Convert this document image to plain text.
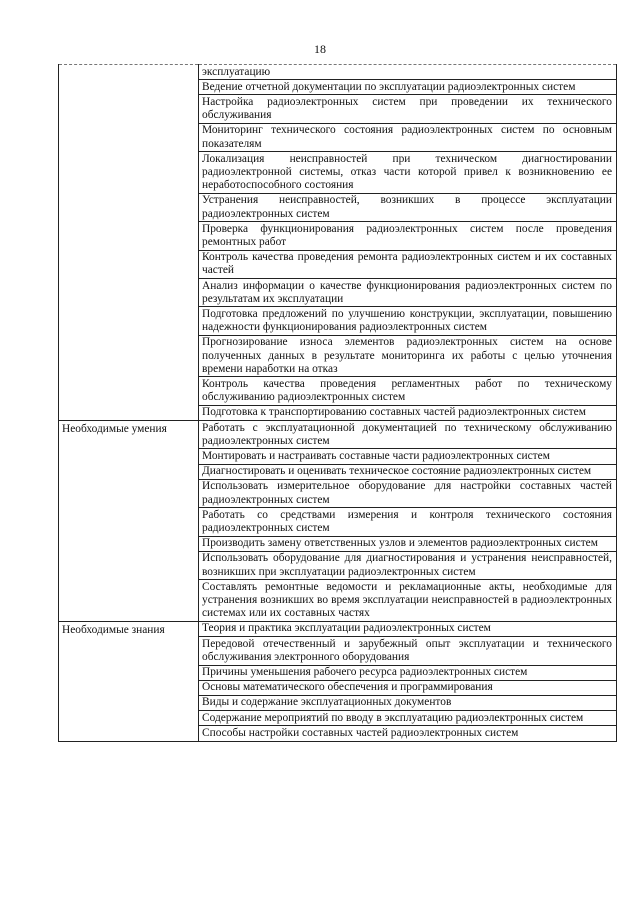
18
	эксплуатацию
	Ведение отчетной документации по эксплуатации радиоэлектронных систем
	Настройка радиоэлектронных систем при проведении их технического обслуживания
	Мониторинг технического состояния радиоэлектронных систем по основным показателям
	Локализация неисправностей при техническом диагностировании радиоэлектронной системы, отказ части которой привел к возникновению ее неработоспособного состояния
	Устранения неисправностей, возникших в процессе эксплуатации радиоэлектронных систем
	Проверка функционирования радиоэлектронных систем после проведения ремонтных работ
	Контроль качества проведения ремонта радиоэлектронных систем и их составных частей
	Анализ информации о качестве функционирования радиоэлектронных систем по результатам их эксплуатации
	Подготовка предложений по улучшению конструкции, эксплуатации, повышению надежности функционирования радиоэлектронных систем
	Прогнозирование износа элементов радиоэлектронных систем на основе полученных данных в результате мониторинга их работы с целью уточнения времени наработки на отказ
	Контроль качества проведения регламентных работ по техническому обслуживанию радиоэлектронных систем
	Подготовка к транспортированию составных частей радиоэлектронных систем
Необходимые умения	Работать с эксплуатационной документацией по техническому обслуживанию радиоэлектронных систем
	Монтировать и настраивать составные части радиоэлектронных систем
	Диагностировать и оценивать техническое состояние радиоэлектронных систем
	Использовать измерительное оборудование для настройки составных частей радиоэлектронных систем
	Работать со средствами измерения и контроля технического состояния радиоэлектронных систем
	Производить замену ответственных узлов и элементов радиоэлектронных систем
	Использовать оборудование для диагностирования и устранения неисправностей, возникших при эксплуатации радиоэлектронных систем
	Составлять ремонтные ведомости и рекламационные акты, необходимые для устранения возникших во время эксплуатации неисправностей в радиоэлектронных системах или их составных частях
Необходимые знания	Теория и практика эксплуатации радиоэлектронных систем
	Передовой отечественный и зарубежный опыт эксплуатации и технического обслуживания электронного оборудования
	Причины уменьшения рабочего ресурса радиоэлектронных систем
	Основы математического обеспечения и программирования
	Виды и содержание эксплуатационных документов
	Содержание мероприятий по вводу в эксплуатацию радиоэлектронных систем
	Способы настройки составных частей радиоэлектронных систем
